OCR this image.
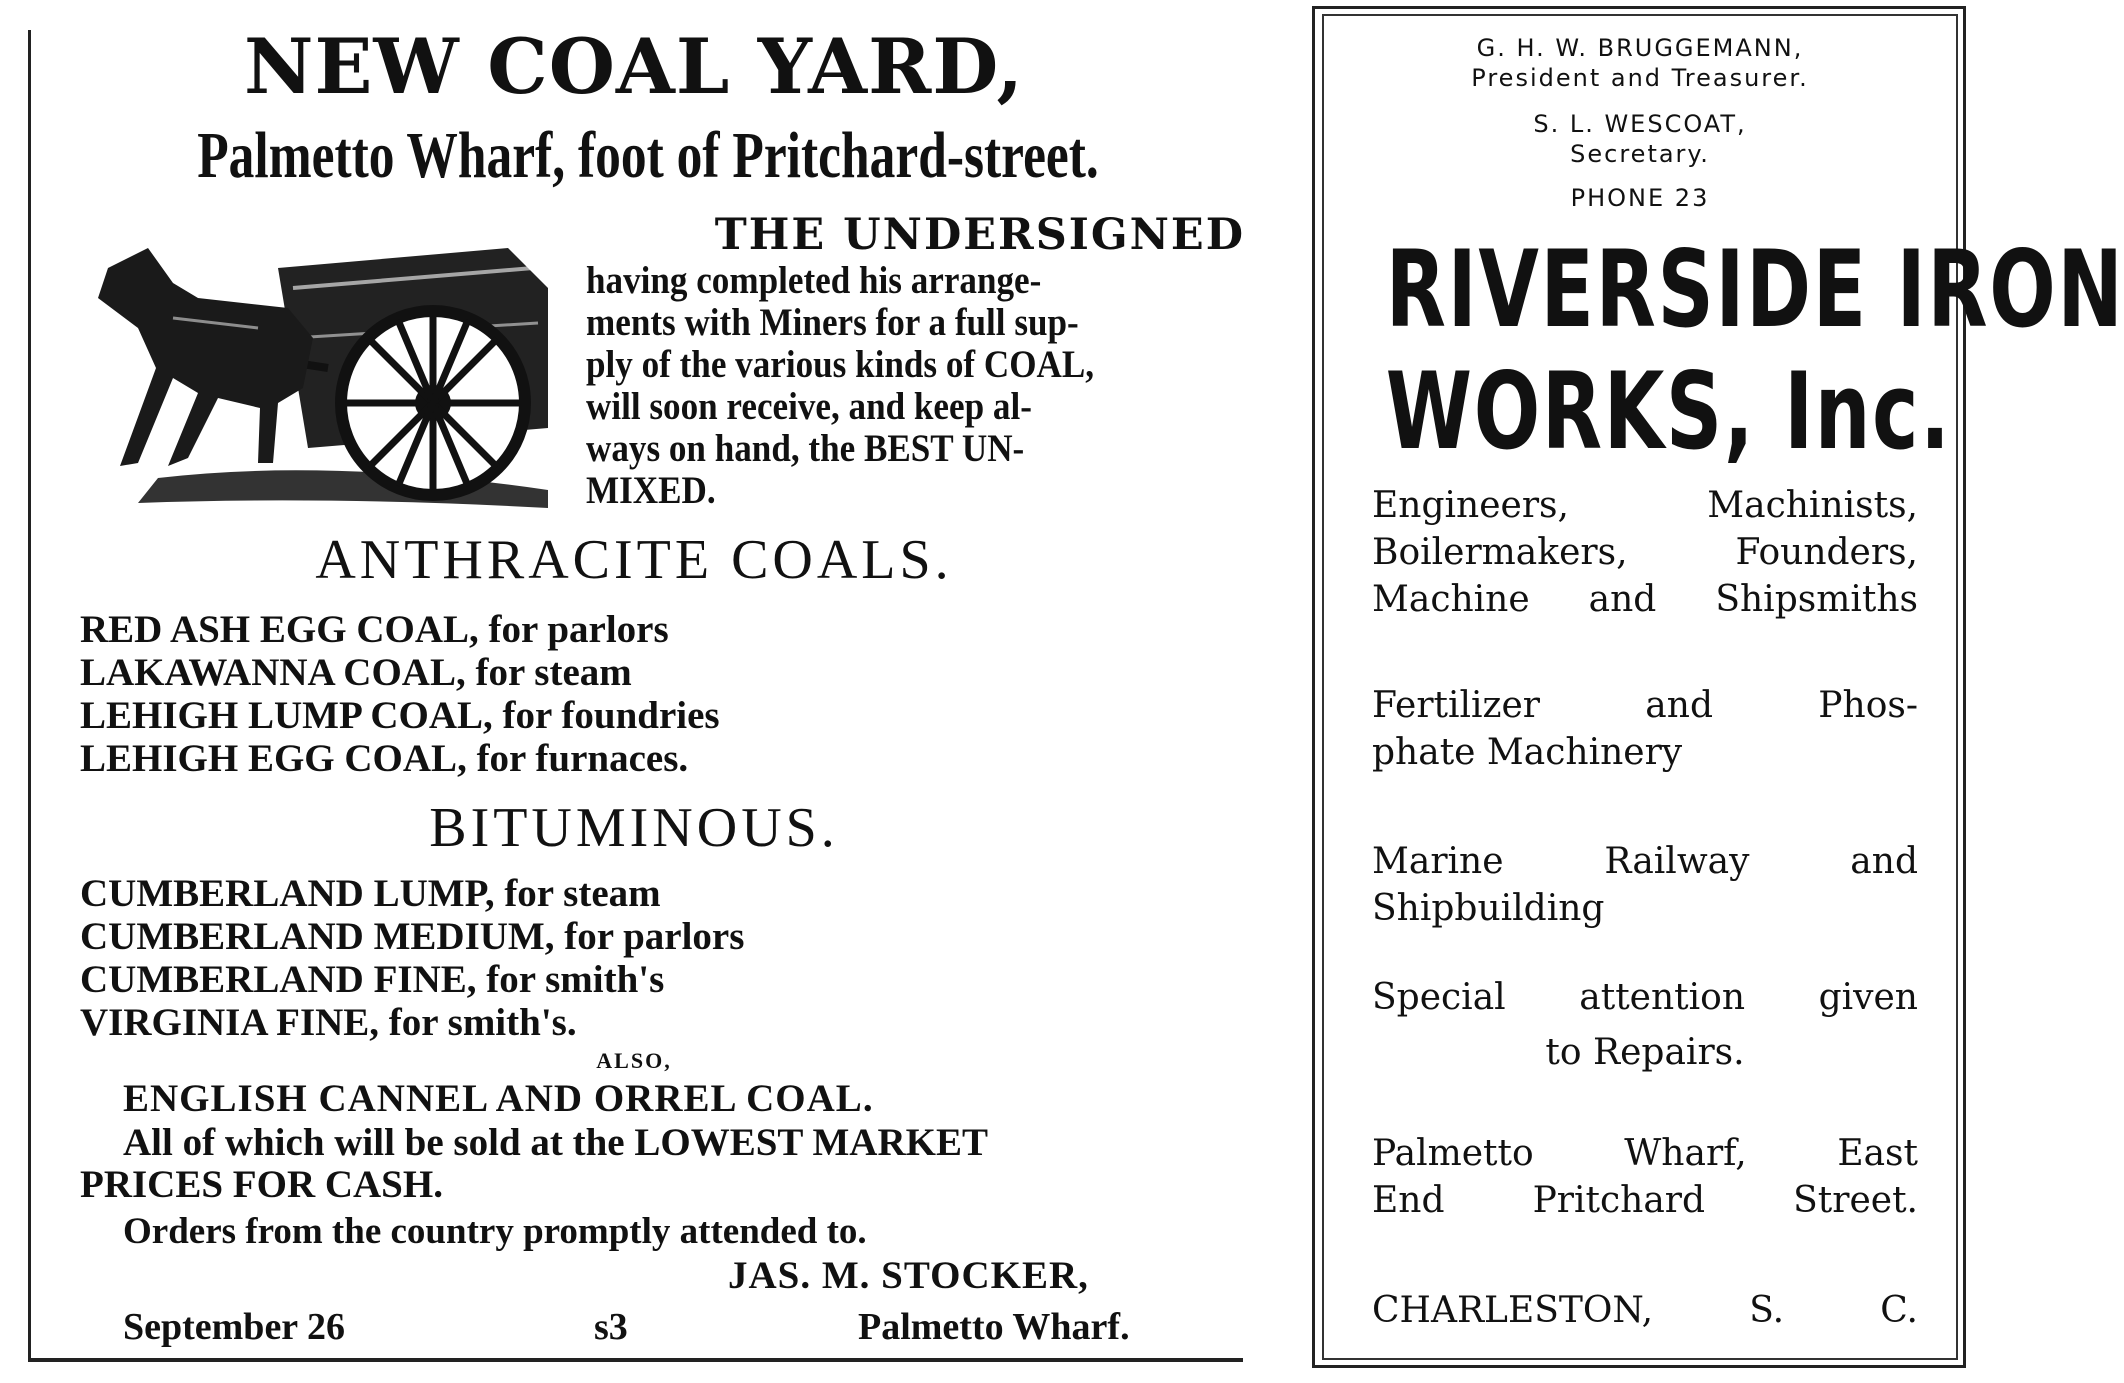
NEW COAL YARD,
Palmetto Wharf, foot of Pritchard-street.
THE UNDERSIGNED
having completed his arrange-
ments with Miners for a full sup-
ply of the various kinds of COAL,
will soon receive, and keep al-
ways on hand, the BEST UN-
MIXED.
ANTHRACITE COALS.
RED ASH EGG COAL, for parlors
LAKAWANNA COAL, for steam
LEHIGH LUMP COAL, for foundries
LEHIGH EGG COAL, for furnaces.
BITUMINOUS.
CUMBERLAND LUMP, for steam
CUMBERLAND MEDIUM, for parlors
CUMBERLAND FINE, for smith's
VIRGINIA FINE, for smith's.
ALSO,
ENGLISH CANNEL AND ORREL COAL.
All of which will be sold at the LOWEST MARKET
PRICES FOR CASH.
Orders from the country promptly attended to.
JAS. M. STOCKER,
September 26	s3	Palmetto Wharf.
G. H. W. BRUGGEMANN,
President and Treasurer.
S. L. WESCOAT,
Secretary.
PHONE 23
RIVERSIDE IRON
WORKS, Inc.
Engineers, Machinists,
Boilermakers, Founders,
Machine and Shipsmiths
Fertilizer and Phos-
phate Machinery
Marine Railway and
Shipbuilding
Special attention given
to Repairs.
Palmetto Wharf, East
End Pritchard Street.
CHARLESTON, S. C.
